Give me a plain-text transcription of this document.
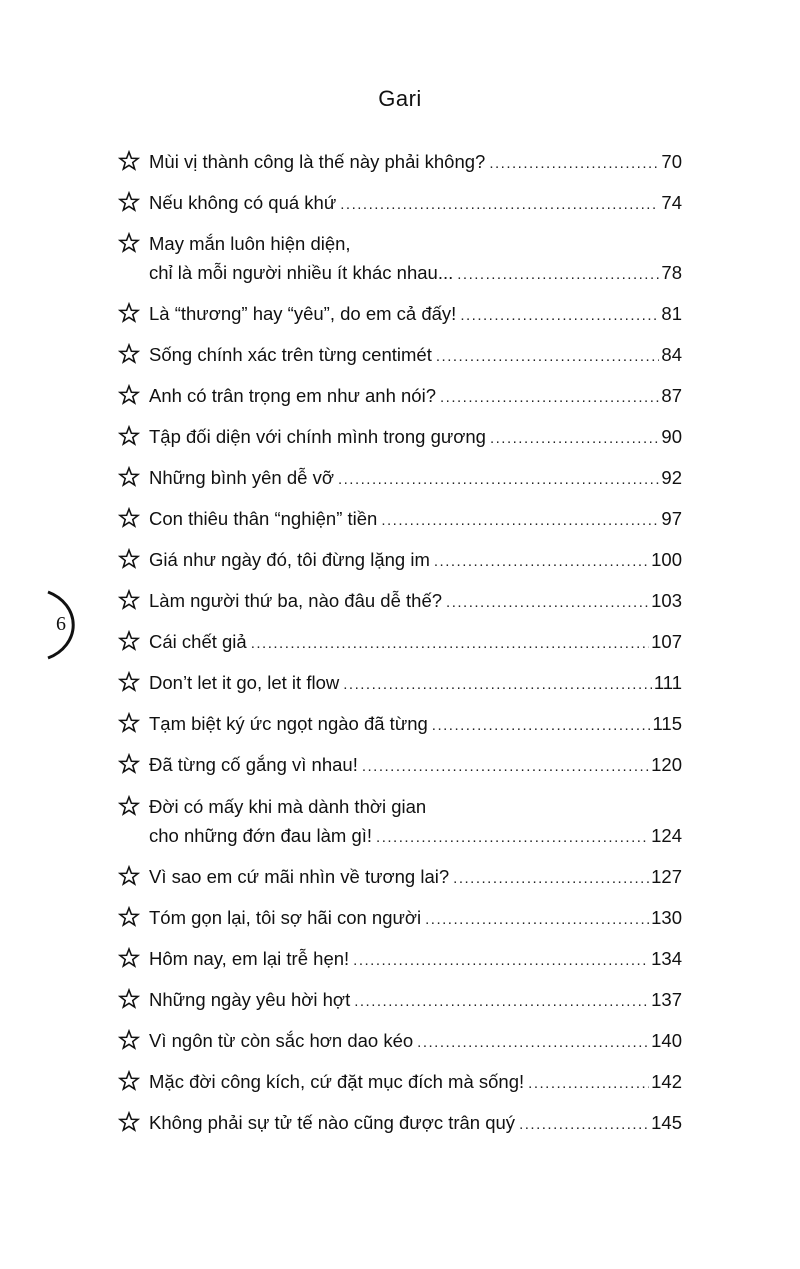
Gari
6
Mùi vị thành công là thế này phải không? .....	70
Nếu không có quá khứ .....	74
May mắn luôn hiện diện,
chỉ là mỗi người nhiều ít khác nhau... .....	78
Là “thương” hay “yêu”, do em cả đấy! .....	81
Sống chính xác trên từng centimét .....	84
Anh có trân trọng em như anh nói? .....	87
Tập đối diện với chính mình trong gương .....	90
Những bình yên dễ vỡ .....	92
Con thiêu thân “nghiện” tiền .....	97
Giá như ngày đó, tôi đừng lặng im .....	100
Làm người thứ ba, nào đâu dễ thế? .....	103
Cái chết giả .....	107
Don’t let it go, let it flow .....	111
Tạm biệt ký ức ngọt ngào đã từng .....	115
Đã từng cố gắng vì nhau! .....	120
Đời có mấy khi mà dành thời gian
cho những đớn đau làm gì! .....	124
Vì sao em cứ mãi nhìn về tương lai? .....	127
Tóm gọn lại, tôi sợ hãi con người .....	130
Hôm nay, em lại trễ hẹn! .....	134
Những ngày yêu hời hợt .....	137
Vì ngôn từ còn sắc hơn dao kéo .....	140
Mặc đời công kích, cứ đặt mục đích mà sống! .....	142
Không phải sự tử tế nào cũng được trân quý .....	145
